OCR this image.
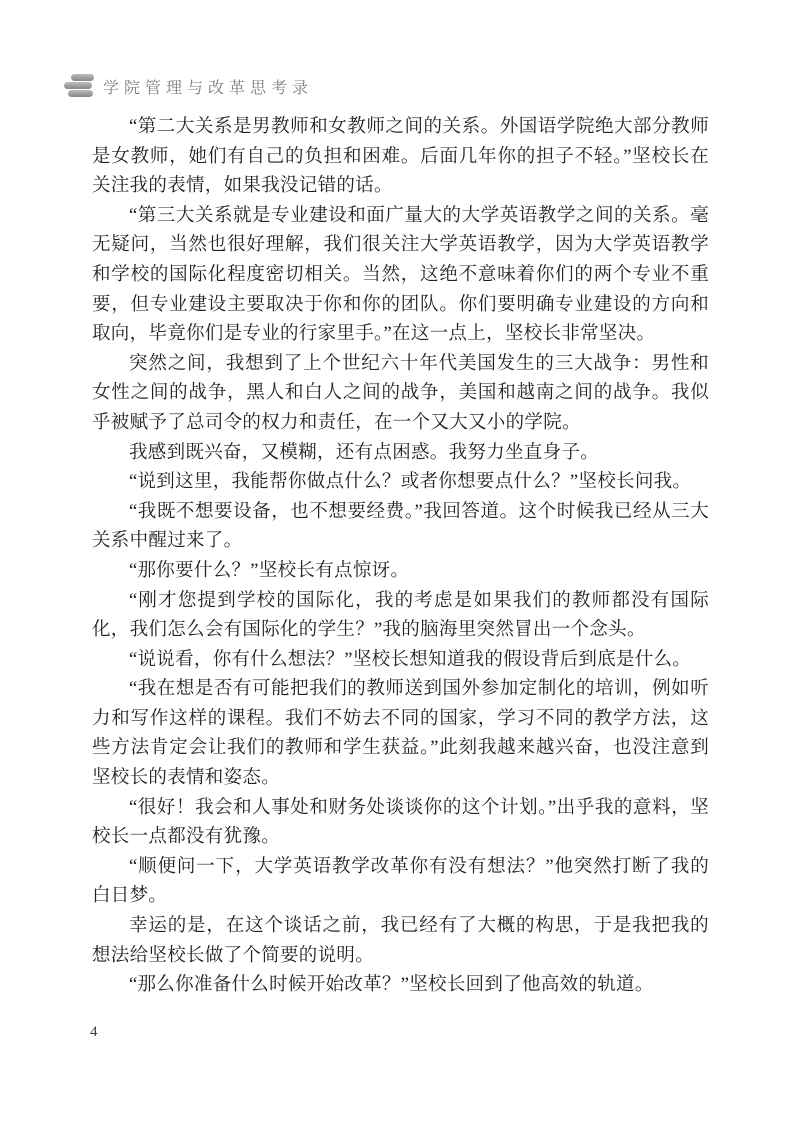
学院管理与改革思考录

“第二大关系是男教师和女教师之间的关系。外国语学院绝大部分教师是女教师，她们有自己的负担和困难。后面几年你的担子不轻。”坚校长在关注我的表情，如果我没记错的话。

“第三大关系就是专业建设和面广量大的大学英语教学之间的关系。毫无疑问，当然也很好理解，我们很关注大学英语教学，因为大学英语教学和学校的国际化程度密切相关。当然，这绝不意味着你们的两个专业不重要，但专业建设主要取决于你和你的团队。你们要明确专业建设的方向和取向，毕竟你们是专业的行家里手。”在这一点上，坚校长非常坚决。

突然之间，我想到了上个世纪六十年代美国发生的三大战争：男性和女性之间的战争，黑人和白人之间的战争，美国和越南之间的战争。我似乎被赋予了总司令的权力和责任，在一个又大又小的学院。

我感到既兴奋，又模糊，还有点困惑。我努力坐直身子。

“说到这里，我能帮你做点什么？或者你想要点什么？”坚校长问我。

“我既不想要设备，也不想要经费。”我回答道。这个时候我已经从三大关系中醒过来了。

“那你要什么？”坚校长有点惊讶。

“刚才您提到学校的国际化，我的考虑是如果我们的教师都没有国际化，我们怎么会有国际化的学生？”我的脑海里突然冒出一个念头。

“说说看，你有什么想法？”坚校长想知道我的假设背后到底是什么。

“我在想是否有可能把我们的教师送到国外参加定制化的培训，例如听力和写作这样的课程。我们不妨去不同的国家，学习不同的教学方法，这些方法肯定会让我们的教师和学生获益。”此刻我越来越兴奋，也没注意到坚校长的表情和姿态。

“很好！我会和人事处和财务处谈谈你的这个计划。”出乎我的意料，坚校长一点都没有犹豫。

“顺便问一下，大学英语教学改革你有没有想法？”他突然打断了我的白日梦。

幸运的是，在这个谈话之前，我已经有了大概的构思，于是我把我的想法给坚校长做了个简要的说明。

“那么你准备什么时候开始改革？”坚校长回到了他高效的轨道。

4
